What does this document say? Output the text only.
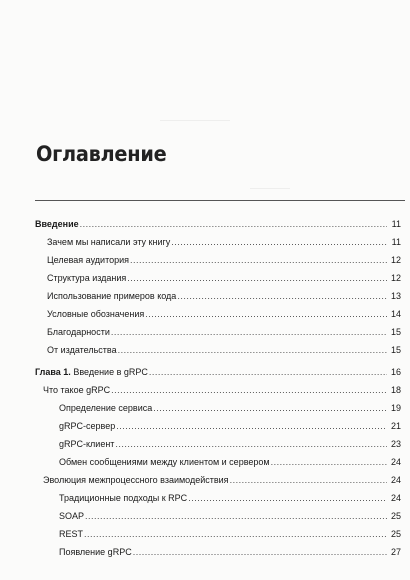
Оглавление
Введение .....	11
Зачем мы написали эту книгу .....	11
Целевая аудитория .....	12
Структура издания .....	12
Использование примеров кода .....	13
Условные обозначения .....	14
Благодарности .....	15
От издательства .....	15
Глава 1. Введение в gRPC .....	16
Что такое gRPC .....	18
Определение сервиса .....	19
gRPC-сервер .....	21
gRPC-клиент .....	23
Обмен сообщениями между клиентом и сервером .....	24
Эволюция межпроцессного взаимодействия .....	24
Традиционные подходы к RPC .....	24
SOAP .....	25
REST .....	25
Появление gRPC .....	27
